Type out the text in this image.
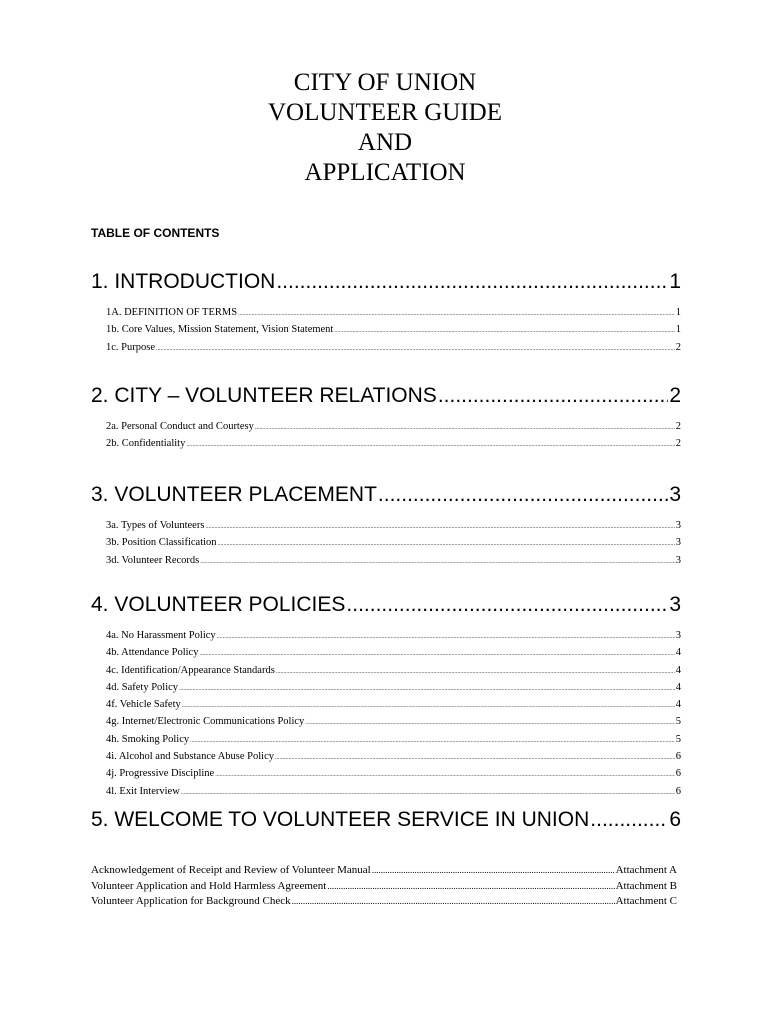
CITY OF UNION
VOLUNTEER GUIDE
AND
APPLICATION
TABLE OF CONTENTS
1. INTRODUCTION .....	1
1A. DEFINITION OF TERMS .....	1
1b. Core Values, Mission Statement, Vision Statement .....	1
1c. Purpose .....	2
2. CITY – VOLUNTEER RELATIONS .....	2
2a. Personal Conduct and Courtesy .....	2
2b. Confidentiality .....	2
3. VOLUNTEER PLACEMENT .....	3
3a. Types of Volunteers .....	3
3b. Position Classification .....	3
3d. Volunteer Records .....	3
4. VOLUNTEER POLICIES .....	3
4a. No Harassment Policy .....	3
4b. Attendance Policy .....	4
4c. Identification/Appearance Standards .....	4
4d. Safety Policy .....	4
4f. Vehicle Safety .....	4
4g. Internet/Electronic Communications Policy .....	5
4h. Smoking Policy .....	5
4i. Alcohol and Substance Abuse Policy .....	6
4j. Progressive Discipline .....	6
4l. Exit Interview .....	6
5. WELCOME TO VOLUNTEER SERVICE IN UNION .....	6
Acknowledgement of Receipt and Review of Volunteer Manual .....	Attachment A
Volunteer Application and Hold Harmless Agreement .....	Attachment B
Volunteer Application for Background Check .....	Attachment C
